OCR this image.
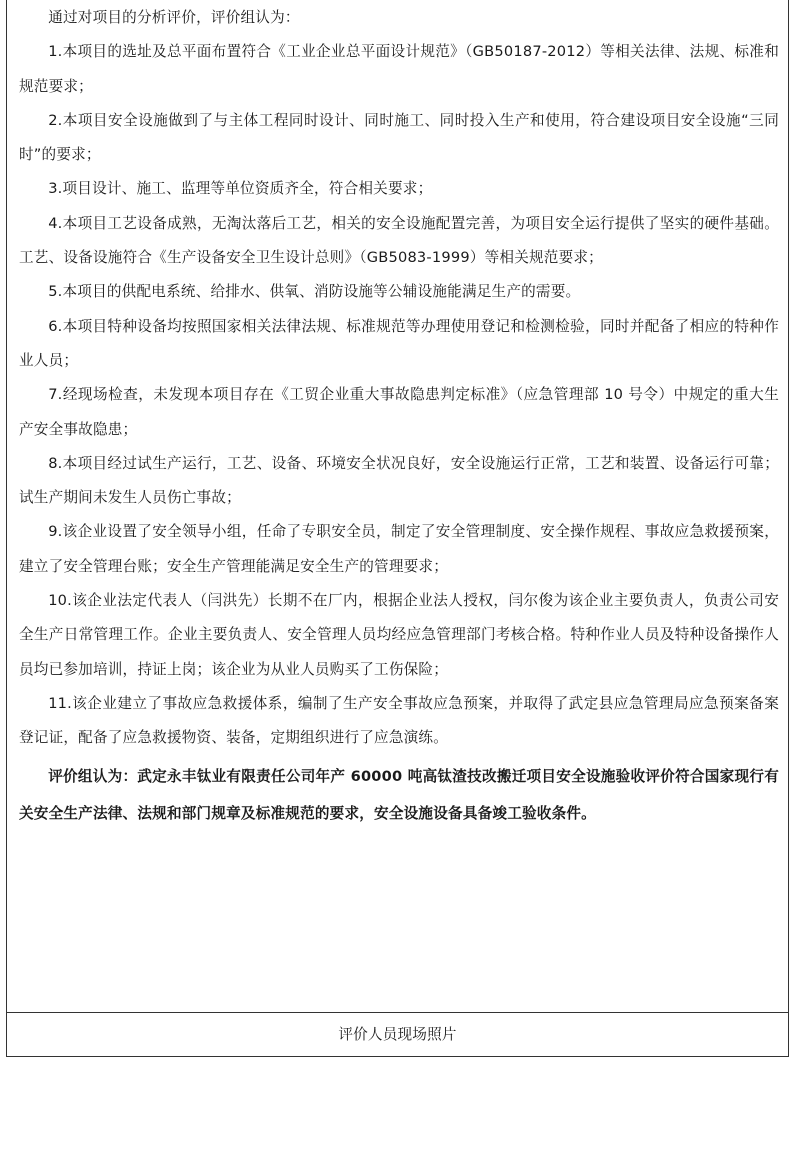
通过对项目的分析评价，评价组认为：

1.本项目的选址及总平面布置符合《工业企业总平面设计规范》（GB50187-2012）等相关法律、法规、标准和规范要求；

2.本项目安全设施做到了与主体工程同时设计、同时施工、同时投入生产和使用，符合建设项目安全设施“三同时”的要求；

3.项目设计、施工、监理等单位资质齐全，符合相关要求；

4.本项目工艺设备成熟，无淘汰落后工艺，相关的安全设施配置完善，为项目安全运行提供了坚实的硬件基础。工艺、设备设施符合《生产设备安全卫生设计总则》（GB5083-1999）等相关规范要求；

5.本项目的供配电系统、给排水、供氧、消防设施等公辅设施能满足生产的需要。

6.本项目特种设备均按照国家相关法律法规、标准规范等办理使用登记和检测检验，同时并配备了相应的特种作业人员；

7.经现场检查，未发现本项目存在《工贸企业重大事故隐患判定标准》（应急管理部 10 号令）中规定的重大生产安全事故隐患；

8.本项目经过试生产运行，工艺、设备、环境安全状况良好，安全设施运行正常，工艺和装置、设备运行可靠；试生产期间未发生人员伤亡事故；

9.该企业设置了安全领导小组，任命了专职安全员，制定了安全管理制度、安全操作规程、事故应急救援预案，建立了安全管理台账；安全生产管理能满足安全生产的管理要求；

10.该企业法定代表人（闫洪先）长期不在厂内，根据企业法人授权，闫尔俊为该企业主要负责人，负责公司安全生产日常管理工作。企业主要负责人、安全管理人员均经应急管理部门考核合格。特种作业人员及特种设备操作人员均已参加培训，持证上岗；该企业为从业人员购买了工伤保险；

11.该企业建立了事故应急救援体系，编制了生产安全事故应急预案，并取得了武定县应急管理局应急预案备案登记证，配备了应急救援物资、装备，定期组织进行了应急演练。

评价组认为：武定永丰钛业有限责任公司年产 60000 吨高钛渣技改搬迁项目安全设施验收评价符合国家现行有关安全生产法律、法规和部门规章及标准规范的要求，安全设施设备具备竣工验收条件。

评价人员现场照片
